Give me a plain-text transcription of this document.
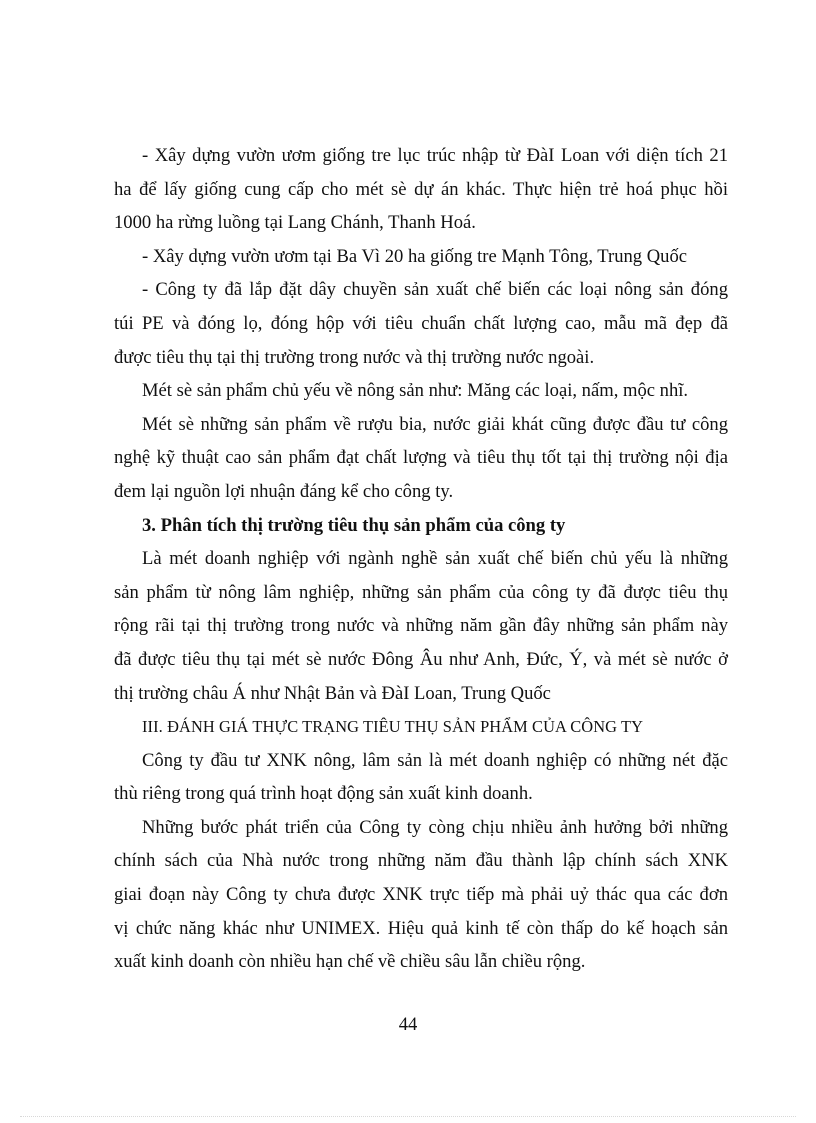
- Xây dựng vườn ươm giống tre lục trúc nhập từ ĐàI Loan với diện tích 21

ha để lấy giống cung cấp cho mét sè dự án khác. Thực hiện trẻ hoá phục hồi

1000 ha rừng luồng tại Lang Chánh, Thanh Hoá.

- Xây dựng vườn ươm tại Ba Vì 20 ha giống tre Mạnh Tông, Trung Quốc

- Công ty đã lắp đặt dây chuyền sản xuất chế biến các loại nông sản đóng

túi PE và đóng lọ, đóng hộp với tiêu chuẩn chất lượng cao, mẫu mã đẹp đã

được tiêu thụ tại thị trường trong nước và thị trường nước ngoài.

Mét sè sản phẩm chủ yếu về nông sản như: Măng các loại, nấm, mộc nhĩ.

Mét sè những sản phẩm về rượu bia, nước giải khát cũng được đầu tư công

nghệ kỹ thuật cao sản phẩm đạt chất lượng và tiêu thụ tốt tại thị trường nội địa

đem lại nguồn lợi nhuận đáng kể cho công ty.

3. Phân tích thị trường tiêu thụ sản phẩm của công ty

Là mét doanh nghiệp với ngành nghề sản xuất chế biến chủ yếu là những

sản phẩm từ nông lâm nghiệp, những sản phẩm của công ty đã được tiêu thụ

rộng rãi tại thị trường trong nước và những năm gần đây những sản phẩm này

đã được tiêu thụ tại mét sè nước Đông Âu như Anh, Đức, Ý, và mét sè nước ở

thị trường châu Á như Nhật Bản và ĐàI Loan, Trung Quốc

III. ĐÁNH GIÁ THỰC TRẠNG TIÊU THỤ SẢN PHẨM CỦA CÔNG TY

Công ty đầu tư XNK nông, lâm sản là mét doanh nghiệp có những nét đặc

thù riêng trong quá trình hoạt động sản xuất kinh doanh.

Những bước phát triển của Công ty còng chịu nhiều ảnh hưởng bởi những

chính sách của Nhà nước trong những năm đầu thành lập chính sách XNK

giai đoạn này Công ty chưa được XNK trực tiếp mà phải uỷ thác qua các đơn

vị chức năng khác như UNIMEX. Hiệu quả kinh tế còn thấp do kế hoạch sản

xuất kinh doanh còn nhiều hạn chế về chiều sâu lẫn chiều rộng.

44
